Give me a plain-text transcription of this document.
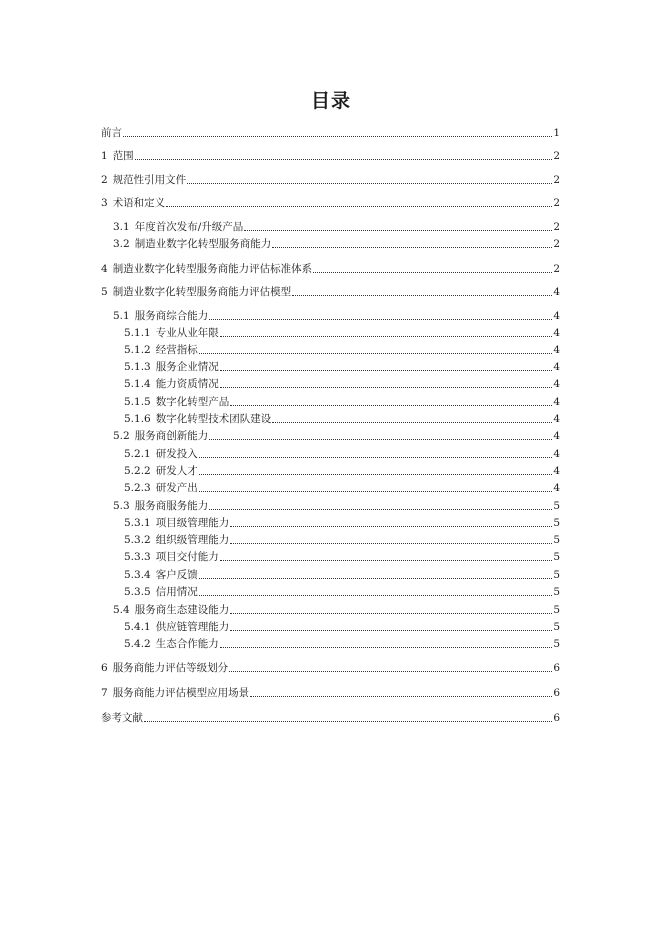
目录
前言	1
1 范围	2
2 规范性引用文件	2
3 术语和定义	2
3.1 年度首次发布/升级产品	2
3.2 制造业数字化转型服务商能力	2
4 制造业数字化转型服务商能力评估标准体系	2
5 制造业数字化转型服务商能力评估模型	4
5.1 服务商综合能力	4
5.1.1 专业从业年限	4
5.1.2 经营指标	4
5.1.3 服务企业情况	4
5.1.4 能力资质情况	4
5.1.5 数字化转型产品	4
5.1.6 数字化转型技术团队建设	4
5.2 服务商创新能力	4
5.2.1 研发投入	4
5.2.2 研发人才	4
5.2.3 研发产出	4
5.3 服务商服务能力	5
5.3.1 项目级管理能力	5
5.3.2 组织级管理能力	5
5.3.3 项目交付能力	5
5.3.4 客户反馈	5
5.3.5 信用情况	5
5.4 服务商生态建设能力	5
5.4.1 供应链管理能力	5
5.4.2 生态合作能力	5
6 服务商能力评估等级划分	6
7 服务商能力评估模型应用场景	6
参考文献	6
